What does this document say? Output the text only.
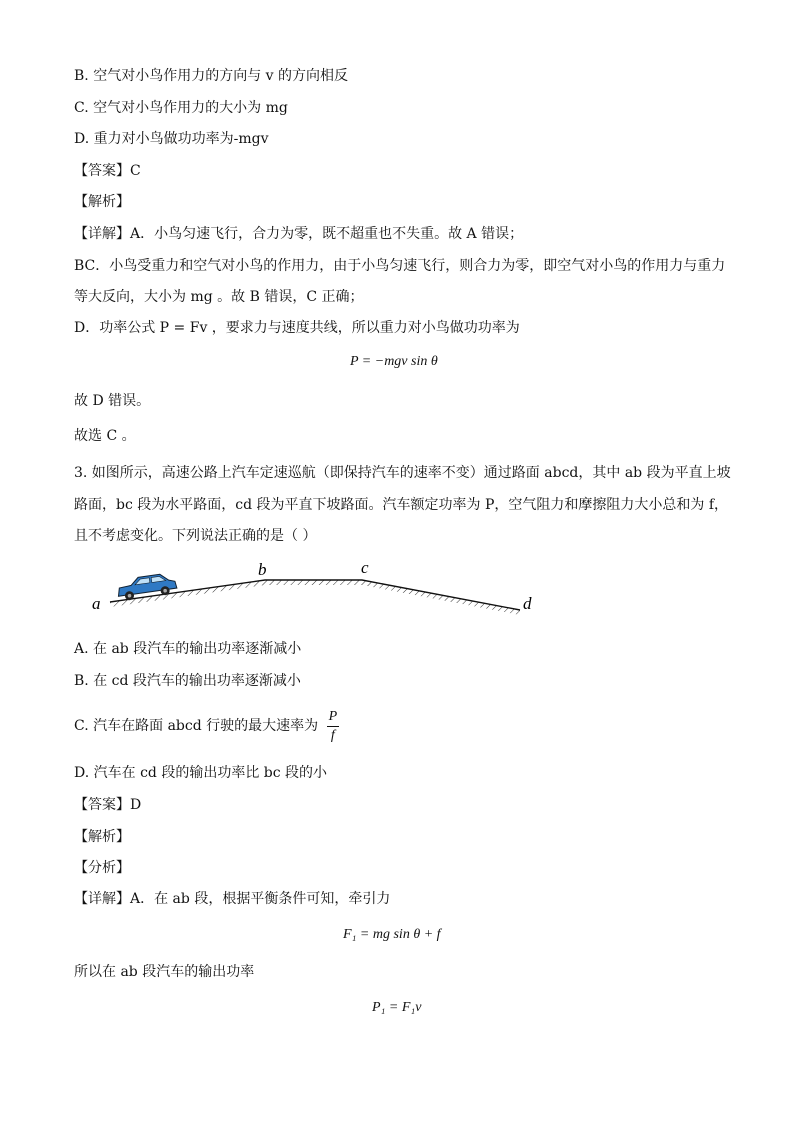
B. 空气对小鸟作用力的方向与 v 的方向相反
C. 空气对小鸟作用力的大小为 mg
D. 重力对小鸟做功功率为-mgv
【答案】C
【解析】
【详解】A．小鸟匀速飞行，合力为零，既不超重也不失重。故 A 错误；
BC．小鸟受重力和空气对小鸟的作用力，由于小鸟匀速飞行，则合力为零，即空气对小鸟的作用力与重力
等大反向，大小为 mg 。故 B 错误，C 正确；
D．功率公式 P = Fv ，要求力与速度共线，所以重力对小鸟做功功率为
P = −mgv sin θ
故 D 错误。
故选 C 。
3. 如图所示，高速公路上汽车定速巡航（即保持汽车的速率不变）通过路面 abcd，其中 ab 段为平直上坡
路面，bc 段为水平路面，cd 段为平直下坡路面。汽车额定功率为 P，空气阻力和摩擦阻力大小总和为 f，
且不考虑变化。下列说法正确的是（ ）
a
b	c
d
A. 在 ab 段汽车的输出功率逐渐减小
B. 在 cd 段汽车的输出功率逐渐减小
C. 汽车在路面 abcd 行驶的最大速率为 $\frac{P}{f}$
D. 汽车在 cd 段的输出功率比 bc 段的小
【答案】D
【解析】
【分析】
【详解】A．在 ab 段，根据平衡条件可知，牵引力
F₁ = mg sin θ + f
所以在 ab 段汽车的输出功率
P₁ = F₁v
